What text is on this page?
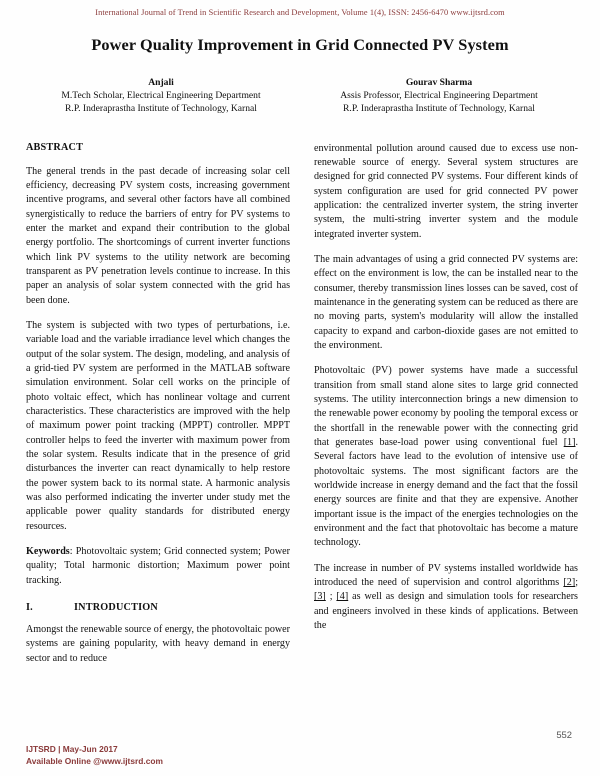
International Journal of Trend in Scientific Research and Development, Volume 1(4), ISSN: 2456-6470 www.ijtsrd.com
Power Quality Improvement in Grid Connected PV System
Anjali
M.Tech Scholar, Electrical Engineering Department
R.P. Inderaprastha Institute of Technology, Karnal
Gourav Sharma
Assis Professor, Electrical Engineering Department
R.P. Inderaprastha Institute of Technology, Karnal
ABSTRACT

The general trends in the past decade of increasing solar cell efficiency, decreasing PV system costs, increasing government incentive programs, and several other factors have all combined synergistically to reduce the barriers of entry for PV systems to enter the market and expand their contribution to the global energy portfolio. The shortcomings of current inverter functions which link PV systems to the utility network are becoming transparent as PV penetration levels continue to increase. In this paper an analysis of solar system connected with the grid has been done.

The system is subjected with two types of perturbations, i.e. variable load and the variable irradiance level which changes the output of the solar system. The design, modeling, and analysis of a grid-tied PV system are performed in the MATLAB software simulation environment. Solar cell works on the principle of photo voltaic effect, which has nonlinear voltage and current characteristics. These characteristics are improved with the help of maximum power point tracking (MPPT) controller. MPPT controller helps to feed the inverter with maximum power from the solar system. Results indicate that in the presence of grid disturbances the inverter can react dynamically to help restore the power system back to its normal state. A harmonic analysis was also performed indicating the inverter under study met the applicable power quality standards for distributed energy resources.

Keywords: Photovoltaic system; Grid connected system; Power quality; Total harmonic distortion; Maximum power point tracking.

I.	INTRODUCTION

Amongst the renewable source of energy, the photovoltaic power systems are gaining popularity, with heavy demand in energy sector and to reduce

environmental pollution around caused due to excess use non-renewable source of energy. Several system structures are designed for grid connected PV systems. Four different kinds of system configuration are used for grid connected PV power application: the centralized inverter system, the string inverter system, the multi-string inverter system and the module integrated inverter system.

The main advantages of using a grid connected PV systems are: effect on the environment is low, the can be installed near to the consumer, thereby transmission lines losses can be saved, cost of maintenance in the generating system can be reduced as there are no moving parts, system's modularity will allow the installed capacity to expand and carbon-dioxide gases are not emitted to the environment.

Photovoltaic (PV) power systems have made a successful transition from small stand alone sites to large grid connected systems. The utility interconnection brings a new dimension to the renewable power economy by pooling the temporal excess or the shortfall in the renewable power with the connecting grid that generates base-load power using conventional fuel [1]. Several factors have lead to the evolution of intensive use of photovoltaic systems. The most significant factors are the worldwide increase in energy demand and the fact that the fossil energy sources are finite and that they are expensive. Another important issue is the impact of the energies technologies on the environment and the fact that photovoltaic has become a mature technology.

The increase in number of PV systems installed worldwide has introduced the need of supervision and control algorithms [2]; [3] ; [4] as well as design and simulation tools for researchers and engineers involved in these kinds of applications. Between the

IJTSRD | May-Jun 2017
Available Online @www.ijtsrd.com
552
